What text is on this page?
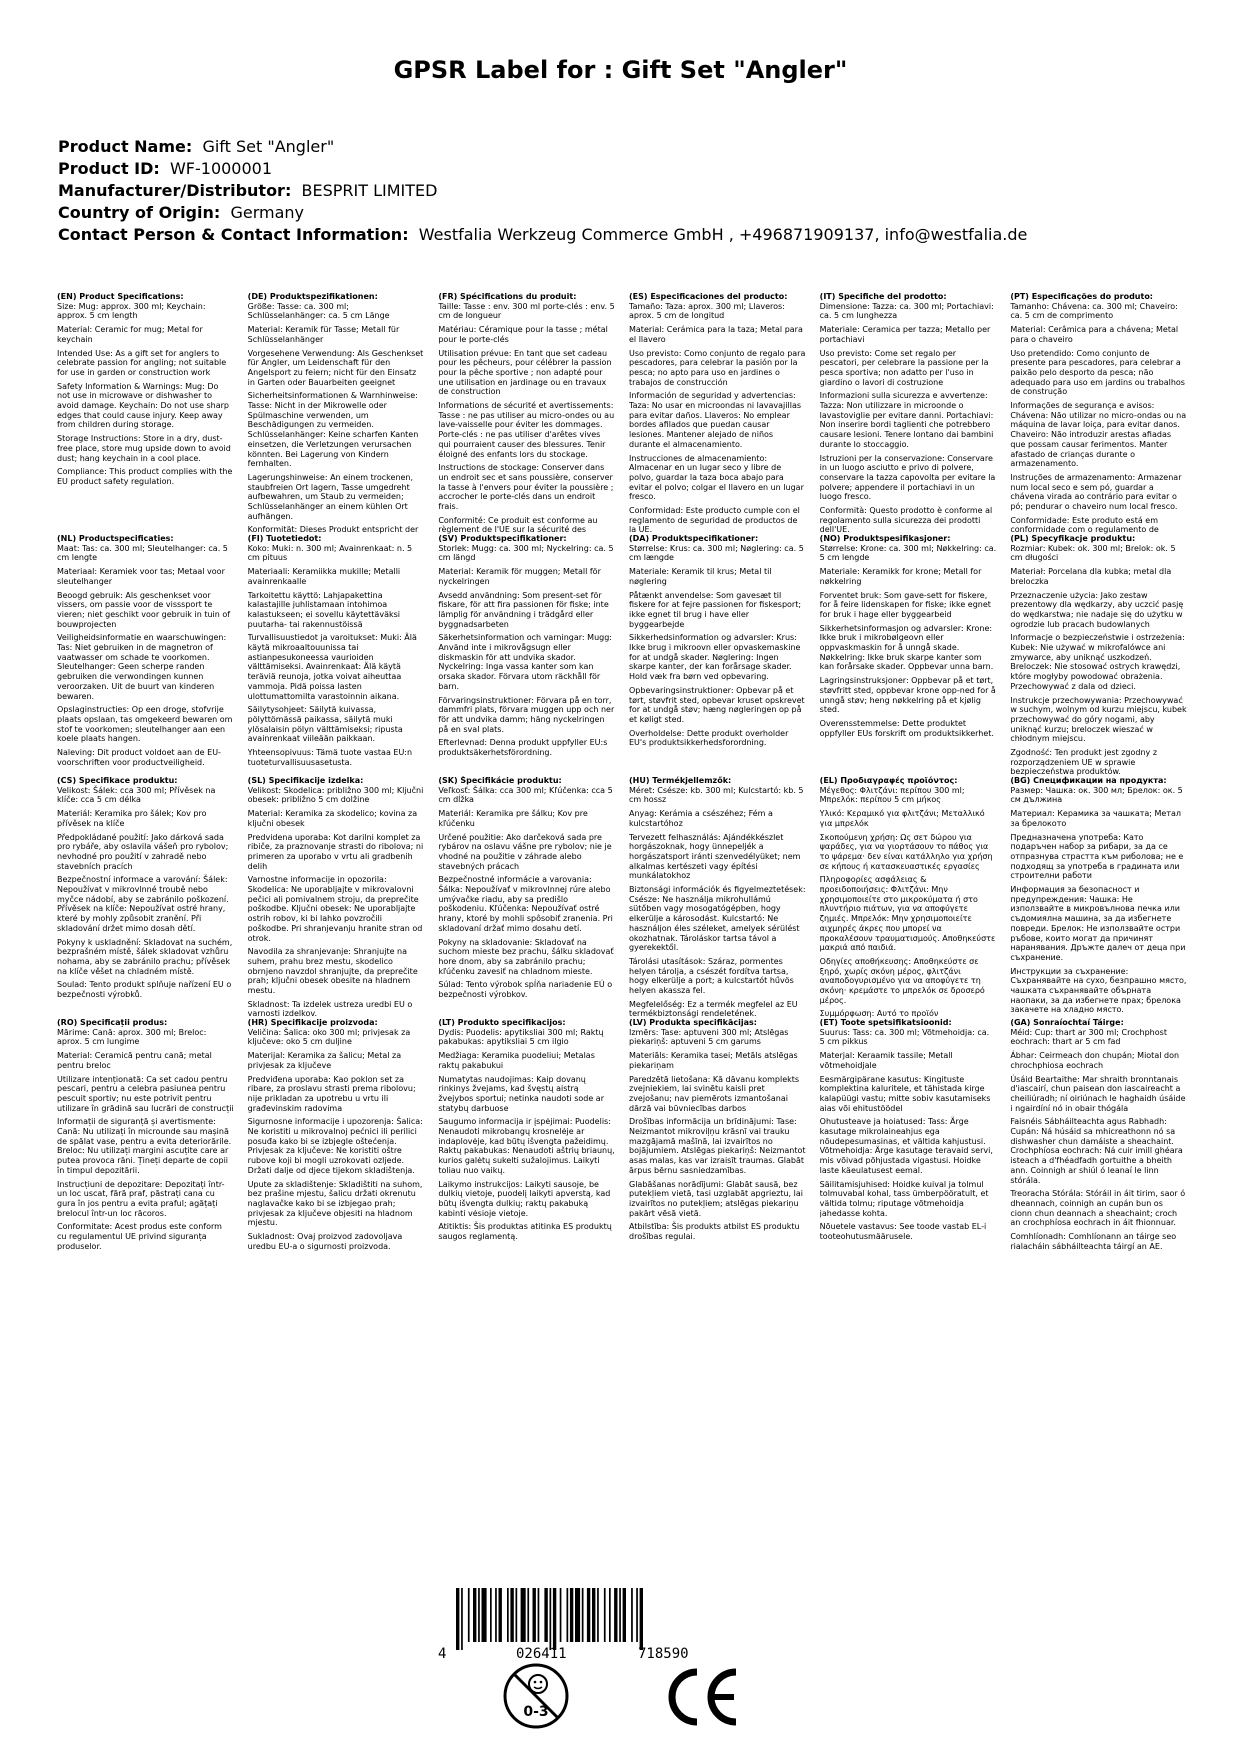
GPSR Label for : Gift Set "Angler"
Product Name: Gift Set "Angler"
Product ID: WF-1000001
Manufacturer/Distributor: BESPRIT LIMITED
Country of Origin: Germany
Contact Person & Contact Information: Westfalia Werkzeug Commerce GmbH , +496871909137, info@westfalia.de
(EN) Product Specifications:

Size: Mug: approx. 300 ml; Keychain: approx. 5 cm length

Material: Ceramic for mug; Metal for keychain

Intended Use: As a gift set for anglers to celebrate passion for angling; not suitable for use in garden or construction work

Safety Information & Warnings: Mug: Do not use in microwave or dishwasher to avoid damage. Keychain: Do not use sharp edges that could cause injury. Keep away from children during storage.

Storage Instructions: Store in a dry, dust-free place, store mug upside down to avoid dust; hang keychain in a cool place.

Compliance: This product complies with the EU product safety regulation.

(DE) Produktspezifikationen:

Größe: Tasse: ca. 300 ml; Schlüsselanhänger: ca. 5 cm Länge

Material: Keramik für Tasse; Metall für Schlüsselanhänger

Vorgesehene Verwendung: Als Geschenkset für Angler, um Leidenschaft für den Angelsport zu feiern; nicht für den Einsatz in Garten oder Bauarbeiten geeignet

Sicherheitsinformationen & Warnhinweise: Tasse: Nicht in der Mikrowelle oder Spülmaschine verwenden, um Beschädigungen zu vermeiden. Schlüsselanhänger: Keine scharfen Kanten einsetzen, die Verletzungen verursachen könnten. Bei Lagerung von Kindern fernhalten.

Lagerungshinweise: An einem trockenen, staubfreien Ort lagern, Tasse umgedreht aufbewahren, um Staub zu vermeiden; Schlüsselanhänger an einem kühlen Ort aufhängen.

Konformität: Dieses Produkt entspricht der

(FR) Spécifications du produit:

Taille: Tasse : env. 300 ml porte-clés : env. 5 cm de longueur

Matériau: Céramique pour la tasse ; métal pour le porte-clés

Utilisation prévue: En tant que set cadeau pour les pêcheurs, pour célébrer la passion pour la pêche sportive ; non adapté pour une utilisation en jardinage ou en travaux de construction

Informations de sécurité et avertissements: Tasse : ne pas utiliser au micro-ondes ou au lave-vaisselle pour éviter les dommages. Porte-clés : ne pas utiliser d'arêtes vives qui pourraient causer des blessures. Tenir éloigné des enfants lors du stockage.

Instructions de stockage: Conserver dans un endroit sec et sans poussière, conserver la tasse à l'envers pour éviter la poussière ; accrocher le porte-clés dans un endroit frais.

Conformité: Ce produit est conforme au règlement de l'UE sur la sécurité des

(ES) Especificaciones del producto:

Tamaño: Taza: aprox. 300 ml; Llaveros: aprox. 5 cm de longitud

Material: Cerámica para la taza; Metal para el llavero

Uso previsto: Como conjunto de regalo para pescadores, para celebrar la pasión por la pesca; no apto para uso en jardines o trabajos de construcción

Información de seguridad y advertencias: Taza: No usar en microondas ni lavavajillas para evitar daños. Llaveros: No emplear bordes afilados que puedan causar lesiones. Mantener alejado de niños durante el almacenamiento.

Instrucciones de almacenamiento: Almacenar en un lugar seco y libre de polvo, guardar la taza boca abajo para evitar el polvo; colgar el llavero en un lugar fresco.

Conformidad: Este producto cumple con el reglamento de seguridad de productos de la UE.

(IT) Specifiche del prodotto:

Dimensione: Tazza: ca. 300 ml; Portachiavi: ca. 5 cm lunghezza

Materiale: Ceramica per tazza; Metallo per portachiavi

Uso previsto: Come set regalo per pescatori, per celebrare la passione per la pesca sportiva; non adatto per l'uso in giardino o lavori di costruzione

Informazioni sulla sicurezza e avvertenze: Tazza: Non utilizzare in microonde o lavastoviglie per evitare danni. Portachiavi: Non inserire bordi taglienti che potrebbero causare lesioni. Tenere lontano dai bambini durante lo stoccaggio.

Istruzioni per la conservazione: Conservare in un luogo asciutto e privo di polvere, conservare la tazza capovolta per evitare la polvere; appendere il portachiavi in un luogo fresco.

Conformità: Questo prodotto è conforme al regolamento sulla sicurezza dei prodotti dell'UE.

(PT) Especificações do produto:

Tamanho: Chávena: ca. 300 ml; Chaveiro: ca. 5 cm de comprimento

Material: Cerâmica para a chávena; Metal para o chaveiro

Uso pretendido: Como conjunto de presente para pescadores, para celebrar a paixão pelo desporto da pesca; não adequado para uso em jardins ou trabalhos de construção

Informações de segurança e avisos: Chávena: Não utilizar no micro-ondas ou na máquina de lavar loiça, para evitar danos. Chaveiro: Não introduzir arestas afiadas que possam causar ferimentos. Manter afastado de crianças durante o armazenamento.

Instruções de armazenamento: Armazenar num local seco e sem pó, guardar a chávena virada ao contrário para evitar o pó; pendurar o chaveiro num local fresco.

Conformidade: Este produto está em conformidade com o regulamento de

(NL) Productspecificaties:

Maat: Tas: ca. 300 ml; Sleutelhanger: ca. 5 cm lengte

Materiaal: Keramiek voor tas; Metaal voor sleutelhanger

Beoogd gebruik: Als geschenkset voor vissers, om passie voor de visssport te vieren; niet geschikt voor gebruik in tuin of bouwprojecten

Veiligheidsinformatie en waarschuwingen: Tas: Niet gebruiken in de magnetron of vaatwasser om schade te voorkomen. Sleutelhanger: Geen scherpe randen gebruiken die verwondingen kunnen veroorzaken. Uit de buurt van kinderen bewaren.

Opslaginstructies: Op een droge, stofvrije plaats opslaan, tas omgekeerd bewaren om stof te voorkomen; sleutelhanger aan een koele plaats hangen.

Naleving: Dit product voldoet aan de EU-voorschriften voor productveiligheid.

(FI) Tuotetiedot:

Koko: Muki: n. 300 ml; Avainrenkaat: n. 5 cm pituus

Materiaali: Keramiikka mukille; Metalli avainrenkaalle

Tarkoitettu käyttö: Lahjapakettina kalastajille juhlistamaan intohimoa kalastukseen; ei sovellu käytettäväksi puutarha- tai rakennustöissä

Turvallisuustiedot ja varoitukset: Muki: Älä käytä mikroaaltouunissa tai astianpesukoneessa vaurioiden välttämiseksi. Avainrenkaat: Älä käytä teräviä reunoja, jotka voivat aiheuttaa vammoja. Pidä poissa lasten ulottumattomilta varastoinnin aikana.

Säilytysohjeet: Säilytä kuivassa, pölyttömässä paikassa, säilytä muki ylösalaisin pölyn välttämiseksi; ripusta avainrenkaat viileään paikkaan.

Yhteensopivuus: Tämä tuote vastaa EU:n tuoteturvallisuusasetusta.

(SV) Produktspecifikationer:

Storlek: Mugg: ca. 300 ml; Nyckelring: ca. 5 cm längd

Material: Keramik för muggen; Metall för nyckelringen

Avsedd användning: Som present-set för fiskare, för att fira passionen för fiske; inte lämplig för användning i trädgård eller byggnadsarbeten

Säkerhetsinformation och varningar: Mugg: Använd inte i mikrovågsugn eller diskmaskin för att undvika skador. Nyckelring: Inga vassa kanter som kan orsaka skador. Förvara utom räckhåll för barn.

Förvaringsinstruktioner: Förvara på en torr, dammfri plats, förvara muggen upp och ner för att undvika damm; häng nyckelringen på en sval plats.

Efterlevnad: Denna produkt uppfyller EU:s produktsäkerhetsförordning.

(DA) Produktspecifikationer:

Størrelse: Krus: ca. 300 ml; Nøglering: ca. 5 cm længde

Materiale: Keramik til krus; Metal til nøglering

Påtænkt anvendelse: Som gavesæt til fiskere for at fejre passionen for fiskesport; ikke egnet til brug i have eller byggearbejde

Sikkerhedsinformation og advarsler: Krus: Ikke brug i mikroovn eller opvaskemaskine for at undgå skader. Nøglering: Ingen skarpe kanter, der kan forårsage skader. Hold væk fra børn ved opbevaring.

Opbevaringsinstruktioner: Opbevar på et tørt, støvfrit sted, opbevar kruset opskrevet for at undgå støv; hæng nøgleringen op på et køligt sted.

Overholdelse: Dette produkt overholder EU's produktsikkerhedsforordning.

(NO) Produktspesifikasjoner:

Størrelse: Krone: ca. 300 ml; Nøkkelring: ca. 5 cm lengde

Materiale: Keramikk for krone; Metall for nøkkelring

Forventet bruk: Som gave-sett for fiskere, for å feire lidenskapen for fiske; ikke egnet for bruk i hage eller byggearbeid

Sikkerhetsinformasjon og advarsler: Krone: Ikke bruk i mikrobølgeovn eller oppvaskmaskin for å unngå skade. Nøkkelring: Ikke bruk skarpe kanter som kan forårsake skader. Oppbevar unna barn.

Lagringsinstruksjoner: Oppbevar på et tørt, støvfritt sted, oppbevar krone opp-ned for å unngå støv; heng nøkkelring på et kjølig sted.

Overensstemmelse: Dette produktet oppfyller EUs forskrift om produktsikkerhet.

(PL) Specyfikacje produktu:

Rozmiar: Kubek: ok. 300 ml; Brelok: ok. 5 cm długości

Materiał: Porcelana dla kubka; metal dla breloczka

Przeznaczenie użycia: Jako zestaw prezentowy dla wędkarzy, aby uczcić pasję do wędkarstwa; nie nadaje się do użytku w ogrodzie lub pracach budowlanych

Informacje o bezpieczeństwie i ostrzeżenia: Kubek: Nie używać w mikrofalówce ani zmywarce, aby uniknąć uszkodzeń. Breloczek: Nie stosować ostrych krawędzi, które mogłyby powodować obrażenia. Przechowywać z dala od dzieci.

Instrukcje przechowywania: Przechowywać w suchym, wolnym od kurzu miejscu, kubek przechowywać do góry nogami, aby uniknąć kurzu; breloczek wieszać w chłodnym miejscu.

Zgodność: Ten produkt jest zgodny z rozporządzeniem UE w sprawie bezpieczeństwa produktów.

(CS) Specifikace produktu:

Velikost: Šálek: cca 300 ml; Přívěsek na klíče: cca 5 cm délka

Materiál: Keramika pro šálek; Kov pro přívěsek na klíče

Předpokládané použití: Jako dárková sada pro rybáře, aby oslavila vášeň pro rybolov; nevhodné pro použití v zahradě nebo stavebních pracích

Bezpečnostní informace a varování: Šálek: Nepoužívat v mikrovlnné troubě nebo myčce nádobí, aby se zabránilo poškození. Přívěsek na klíče: Nepoužívat ostré hrany, které by mohly způsobit zranění. Při skladování držet mimo dosah dětí.

Pokyny k uskladnění: Skladovat na suchém, bezprašném místě, šálek skladovat vzhůru nohama, aby se zabránilo prachu; přívěsek na klíče věšet na chladném místě.

Soulad: Tento produkt splňuje nařízení EU o bezpečnosti výrobků.

(SL) Specifikacije izdelka:

Velikost: Skodelica: približno 300 ml; Ključni obesek: približno 5 cm dolžine

Material: Keramika za skodelico; kovina za ključni obesek

Predvidena uporaba: Kot darilni komplet za ribiče, za praznovanje strasti do ribolova; ni primeren za uporabo v vrtu ali gradbenih delih

Varnostne informacije in opozorila: Skodelica: Ne uporabljajte v mikrovalovni pečici ali pomivalnem stroju, da preprečite poškodbe. Ključni obesek: Ne uporabljajte ostrih robov, ki bi lahko povzročili poškodbe. Pri shranjevanju hranite stran od otrok.

Navodila za shranjevanje: Shranjujte na suhem, prahu brez mestu, skodelico obrnjeno navzdol shranjujte, da preprečite prah; ključni obesek obesite na hladnem mestu.

Skladnost: Ta izdelek ustreza uredbi EU o varnosti izdelkov.

(SK) Špecifikácie produktu:

Veľkosť: Šálka: cca 300 ml; Kľúčenka: cca 5 cm dĺžka

Materiál: Keramika pre šálku; Kov pre kľúčenku

Určené použitie: Ako darčeková sada pre rybárov na oslavu vášne pre rybolov; nie je vhodné na použitie v záhrade alebo stavebných prácach

Bezpečnostné informácie a varovania: Šálka: Nepoužívať v mikrovlnnej rúre alebo umývačke riadu, aby sa predišlo poškodeniu. Kľúčenka: Nepoužívať ostré hrany, ktoré by mohli spôsobiť zranenia. Pri skladovaní držať mimo dosahu detí.

Pokyny na skladovanie: Skladovať na suchom mieste bez prachu, šálku skladovať hore dnom, aby sa zabránilo prachu; kľúčenku zavesiť na chladnom mieste.

Súlad: Tento výrobok spĺňa nariadenie EÚ o bezpečnosti výrobkov.

(HU) Termékjellemzők:

Méret: Csésze: kb. 300 ml; Kulcstartó: kb. 5 cm hossz

Anyag: Kerámia a csészéhez; Fém a kulcstartóhoz

Tervezett felhasználás: Ajándékkészlet horgászoknak, hogy ünnepeljék a horgászatsport iránti szenvedélyüket; nem alkalmas kertészeti vagy építési munkálatokhoz

Biztonsági információk és figyelmeztetések: Csésze: Ne használja mikrohullámú sütőben vagy mosogatógépben, hogy elkerülje a károsodást. Kulcstartó: Ne használjon éles széleket, amelyek sérülést okozhatnak. Tároláskor tartsa távol a gyerekektől.

Tárolási utasítások: Száraz, pormentes helyen tárolja, a csészét fordítva tartsa, hogy elkerülje a port; a kulcstartót hűvös helyen akassza fel.

Megfelelőség: Ez a termék megfelel az EU termékbiztonsági rendeletének.

(EL) Προδιαγραφές προϊόντος:

Μέγεθος: Φλιτζάνι: περίπου 300 ml; Μπρελόκ: περίπου 5 cm μήκος

Υλικό: Κεραμικό για φλιτζάνι; Μεταλλικό για μπρελόκ

Σκοπούμενη χρήση: Ως σετ δώρου για ψαράδες, για να γιορτάσουν το πάθος για το ψάρεμα· δεν είναι κατάλληλο για χρήση σε κήπους ή κατασκευαστικές εργασίες

Πληροφορίες ασφάλειας & προειδοποιήσεις: Φλιτζάνι: Μην χρησιμοποιείτε στο μικροκύματα ή στο πλυντήριο πιάτων, για να αποφύγετε ζημιές. Μπρελόκ: Μην χρησιμοποιείτε αιχμηρές άκρες που μπορεί να προκαλέσουν τραυματισμούς. Αποθηκεύστε μακριά από παιδιά.

Οδηγίες αποθήκευσης: Αποθηκεύστε σε ξηρό, χωρίς σκόνη μέρος, φλιτζάνι αναποδογυρισμένο για να αποφύγετε τη σκόνη· κρεμάστε το μπρελόκ σε δροσερό μέρος.

Συμμόρφωση: Αυτό το προϊόν

(BG) Спецификации на продукта:

Размер: Чашка: ок. 300 мл; Брелок: ок. 5 см дължина

Материал: Керамика за чашката; Метал за брелокото

Предназначена употреба: Като подаръчен набор за рибари, за да се отпразнува страстта към риболова; не е подходящ за употреба в градината или строителни работи

Информация за безопасност и предупреждения: Чашка: Не използвайте в микровълнова печка или съдомиялна машина, за да избегнете повреди. Брелок: Не използвайте остри ръбове, които могат да причинят наранявания. Дръжте далеч от деца при съхранение.

Инструкции за съхранение: Съхранявайте на сухо, безпрашно място, чашката съхранявайте обърната наопаки, за да избегнете прах; брелока закачете на хладно място.

(RO) Specificații produs:

Mărime: Cană: aprox. 300 ml; Breloc: aprox. 5 cm lungime

Material: Ceramică pentru cană; metal pentru breloc

Utilizare intenționată: Ca set cadou pentru pescari, pentru a celebra pasiunea pentru pescuit sportiv; nu este potrivit pentru utilizare în grădină sau lucrări de construcții

Informații de siguranță și avertismente: Cană: Nu utilizați în microunde sau mașină de spălat vase, pentru a evita deteriorările. Breloc: Nu utilizați margini ascuțite care ar putea provoca răni. Țineți departe de copii în timpul depozitării.

Instrucțiuni de depozitare: Depozitați într-un loc uscat, fără praf, păstrați cana cu gura în jos pentru a evita praful; agățați brelocul într-un loc răcoros.

Conformitate: Acest produs este conform cu regulamentul UE privind siguranța produselor.

(HR) Specifikacije proizvoda:

Veličina: Šalica: oko 300 ml; privjesak za ključeve: oko 5 cm duljine

Materijal: Keramika za šalicu; Metal za privjesak za ključeve

Predviđena uporaba: Kao poklon set za ribare, za proslavu strasti prema ribolovu; nije prikladan za upotrebu u vrtu ili građevinskim radovima

Sigurnosne informacije i upozorenja: Šalica: Ne koristiti u mikrovalnoj pećnici ili perilici posuđa kako bi se izbjegle oštećenja. Privjesak za ključeve: Ne koristiti oštre rubove koji bi mogli uzrokovati ozljede. Držati dalje od djece tijekom skladištenja.

Upute za skladištenje: Skladištiti na suhom, bez prašine mjestu, šalicu držati okrenutu naglavačke kako bi se izbjegao prah; privjesak za ključeve objesiti na hladnom mjestu.

Sukladnost: Ovaj proizvod zadovoljava uredbu EU-a o sigurnosti proizvoda.

(LT) Produkto specifikacijos:

Dydis: Puodelis: apytiksliai 300 ml; Raktų pakabukas: apytiksliai 5 cm ilgio

Medžiaga: Keramika puodeliui; Metalas raktų pakabukui

Numatytas naudojimas: Kaip dovanų rinkinys žvejams, kad švęstų aistrą žvejybos sportui; netinka naudoti sode ar statybų darbuose

Saugumo informacija ir įspėjimai: Puodelis: Nenaudoti mikrobangų krosnelėje ar indaplovėje, kad būtų išvengta pažeidimų. Raktų pakabukas: Nenaudoti aštrių briaunų, kurios galėtų sukelti sužalojimus. Laikyti toliau nuo vaikų.

Laikymo instrukcijos: Laikyti sausoje, be dulkių vietoje, puodelį laikyti apverstą, kad būtų išvengta dulkių; raktų pakabuką kabinti vėsioje vietoje.

Atitiktis: Šis produktas atitinka ES produktų saugos reglamentą.

(LV) Produkta specifikācijas:

Izmērs: Tase: aptuveni 300 ml; Atslēgas piekariņš: aptuveni 5 cm garums

Materiāls: Keramika tasei; Metāls atslēgas piekariņam

Paredzētā lietošana: Kā dāvanu komplekts zvejniekiem, lai svinētu kaisli pret zvejošanu; nav piemērots izmantošanai dārzā vai būvniecības darbos

Drošības informācija un brīdinājumi: Tase: Neizmantot mikroviļņu krāsnī vai trauku mazgājamā mašīnā, lai izvairītos no bojājumiem. Atslēgas piekariņš: Neizmantot asas malas, kas var izraisīt traumas. Glabāt ārpus bērnu sasniedzamības.

Glabāšanas norādījumi: Glabāt sausā, bez putekļiem vietā, tasi uzglabāt apgrieztu, lai izvairītos no putekļiem; atslēgas piekariņu pakārt vēsā vietā.

Atbilstība: Šis produkts atbilst ES produktu drošības regulai.

(ET) Toote spetsifikatsioonid:

Suurus: Tass: ca. 300 ml; Võtmehoidja: ca. 5 cm pikkus

Materjal: Keraamik tassile; Metall võtmehoidjale

Eesmärgipärane kasutus: Kingituste komplektina kaluritele, et tähistada kirge kalapüügi vastu; mitte sobiv kasutamiseks aias või ehitustöödel

Ohutusteave ja hoiatused: Tass: Ärge kasutage mikrolaineahjus ega nõudepesumasinas, et vältida kahjustusi. Võtmehoidja: Ärge kasutage teravaid servi, mis võivad põhjustada vigastusi. Hoidke laste käeulatusest eemal.

Säilitamisjuhised: Hoidke kuival ja tolmul tolmuvabal kohal, tass ümberpööratult, et vältida tolmu; riputage võtmehoidja jahedasse kohta.

Nõuetele vastavus: See toode vastab EL-i tooteohutusmäärusele.

(GA) Sonraíochtaí Táirge:

Méid: Cup: thart ar 300 ml; Crochphost eochrach: thart ar 5 cm fad

Ábhar: Ceirmeach don chupán; Miotal don chrochphiosa eochrach

Úsáid Beartaithe: Mar shraith bronntanais d'iascairí, chun paisean don iascaireacht a cheiliúradh; ní oiriúnach le haghaidh úsáide i ngairdíní nó in obair thógála

Faisnéis Sábháilteachta agus Rabhadh: Cupán: Ná húsáid sa mhicreathonn nó sa dishwasher chun damáiste a sheachaint. Crochphíosa eochrach: Ná cuir imill ghéara isteach a d'fhéadfadh gortuithe a bheith ann. Coinnigh ar shiúl ó leanaí le linn stórála.

Treoracha Stórála: Stóráil in áit tirim, saor ó dheannach, coinnigh an cupán bun os cionn chun deannach a sheachaint; croch an crochphíosa eochrach in áit fhionnuar.

Comhlíonadh: Comhlíonann an táirge seo rialacháin sábháilteachta táirgí an AE.

4	026411	718590
0-3
